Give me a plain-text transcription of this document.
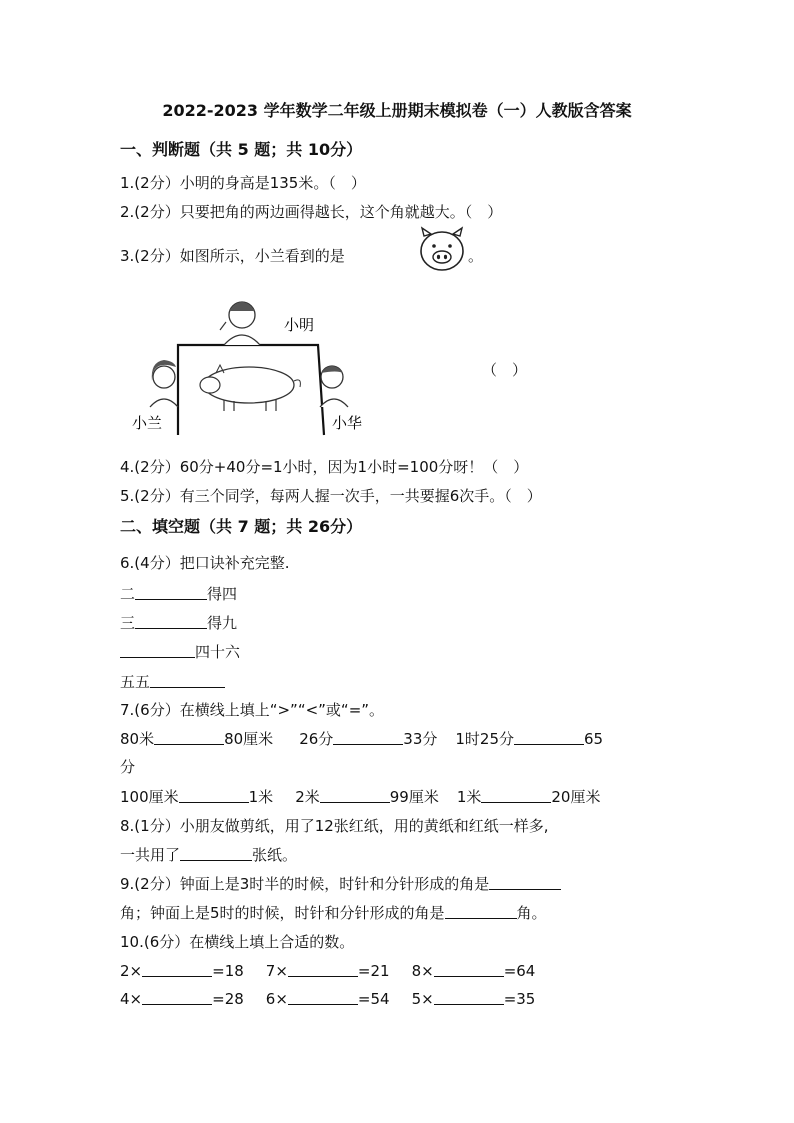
2022-2023 学年数学二年级上册期末模拟卷（一）人教版含答案
一、判断题（共 5 题；共 10分）
1.(2分）小明的身高是135米。（　）
2.(2分）只要把角的两边画得越长，这个角就越大。（　）
3.(2分）如图所示，小兰看到的是	。
小明
小兰	小华
（　）
4.(2分）60分+40分=1小时，因为1小时=100分呀！（　）
5.(2分）有三个同学，每两人握一次手，一共要握6次手。（　）
二、填空题（共 7 题；共 26分）
6.(4分）把口诀补充完整.
二	得四
三	得九
四十六
五五
7.(6分）在横线上填上“>”“<”或“=”。
80米	80厘米 26分	33分 1时25分	65
分
100厘米	1米 2米	99厘米 1米	20厘米
8.(1分）小朋友做剪纸，用了12张红纸，用的黄纸和红纸一样多,
一共用了	张纸。
9.(2分）钟面上是3时半的时候，时针和分针形成的角是
角；钟面上是5时的时候，时针和分针形成的角是	角。
10.(6分）在横线上填上合适的数。
2×	=18 7×	=21 8×	=64
4×	=28 6×	=54 5×	=35
